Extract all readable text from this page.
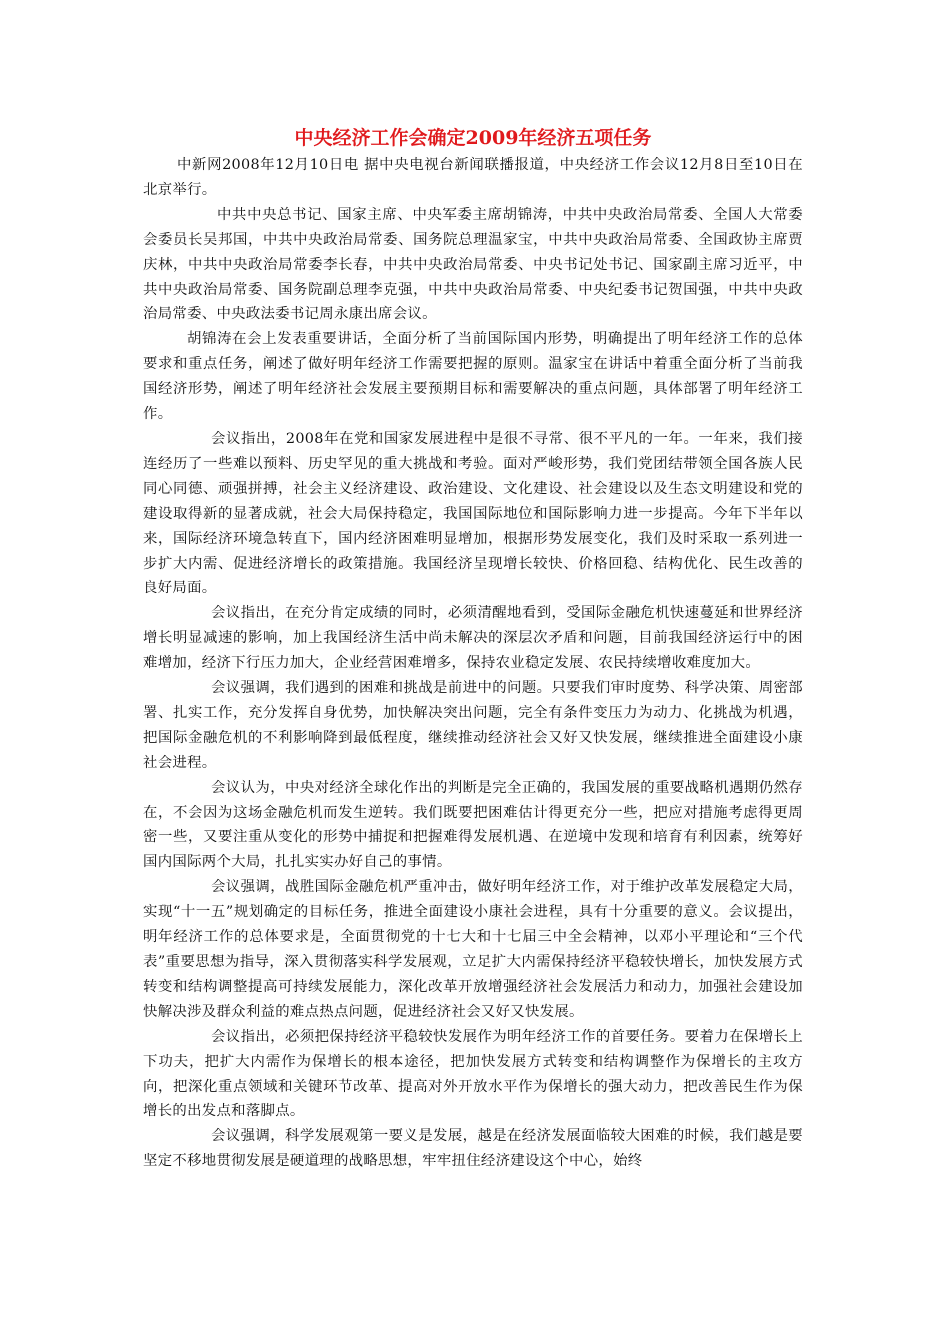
中央经济工作会确定2009年经济五项任务

中新网2008年12月10日电 据中央电视台新闻联播报道，中央经济工作会议12月8日至10日在北京举行。

中共中央总书记、国家主席、中央军委主席胡锦涛，中共中央政治局常委、全国人大常委会委员长吴邦国，中共中央政治局常委、国务院总理温家宝，中共中央政治局常委、全国政协主席贾庆林，中共中央政治局常委李长春，中共中央政治局常委、中央书记处书记、国家副主席习近平，中共中央政治局常委、国务院副总理李克强，中共中央政治局常委、中央纪委书记贺国强，中共中央政治局常委、中央政法委书记周永康出席会议。

胡锦涛在会上发表重要讲话，全面分析了当前国际国内形势，明确提出了明年经济工作的总体要求和重点任务，阐述了做好明年经济工作需要把握的原则。温家宝在讲话中着重全面分析了当前我国经济形势，阐述了明年经济社会发展主要预期目标和需要解决的重点问题，具体部署了明年经济工作。

会议指出，2008年在党和国家发展进程中是很不寻常、很不平凡的一年。一年来，我们接连经历了一些难以预料、历史罕见的重大挑战和考验。面对严峻形势，我们党团结带领全国各族人民同心同德、顽强拼搏，社会主义经济建设、政治建设、文化建设、社会建设以及生态文明建设和党的建设取得新的显著成就，社会大局保持稳定，我国国际地位和国际影响力进一步提高。今年下半年以来，国际经济环境急转直下，国内经济困难明显增加，根据形势发展变化，我们及时采取一系列进一步扩大内需、促进经济增长的政策措施。我国经济呈现增长较快、价格回稳、结构优化、民生改善的良好局面。

会议指出，在充分肯定成绩的同时，必须清醒地看到，受国际金融危机快速蔓延和世界经济增长明显减速的影响，加上我国经济生活中尚未解决的深层次矛盾和问题，目前我国经济运行中的困难增加，经济下行压力加大，企业经营困难增多，保持农业稳定发展、农民持续增收难度加大。

会议强调，我们遇到的困难和挑战是前进中的问题。只要我们审时度势、科学决策、周密部署、扎实工作，充分发挥自身优势，加快解决突出问题，完全有条件变压力为动力、化挑战为机遇，把国际金融危机的不利影响降到最低程度，继续推动经济社会又好又快发展，继续推进全面建设小康社会进程。

会议认为，中央对经济全球化作出的判断是完全正确的，我国发展的重要战略机遇期仍然存在，不会因为这场金融危机而发生逆转。我们既要把困难估计得更充分一些，把应对措施考虑得更周密一些，又要注重从变化的形势中捕捉和把握难得发展机遇、在逆境中发现和培育有利因素，统筹好国内国际两个大局，扎扎实实办好自己的事情。

会议强调，战胜国际金融危机严重冲击，做好明年经济工作，对于维护改革发展稳定大局，实现“十一五”规划确定的目标任务，推进全面建设小康社会进程，具有十分重要的意义。会议提出，明年经济工作的总体要求是，全面贯彻党的十七大和十七届三中全会精神，以邓小平理论和“三个代表”重要思想为指导，深入贯彻落实科学发展观，立足扩大内需保持经济平稳较快增长，加快发展方式转变和结构调整提高可持续发展能力，深化改革开放增强经济社会发展活力和动力，加强社会建设加快解决涉及群众利益的难点热点问题，促进经济社会又好又快发展。

会议指出，必须把保持经济平稳较快发展作为明年经济工作的首要任务。要着力在保增长上下功夫，把扩大内需作为保增长的根本途径，把加快发展方式转变和结构调整作为保增长的主攻方向，把深化重点领域和关键环节改革、提高对外开放水平作为保增长的强大动力，把改善民生作为保增长的出发点和落脚点。

会议强调，科学发展观第一要义是发展，越是在经济发展面临较大困难的时候，我们越是要坚定不移地贯彻发展是硬道理的战略思想，牢牢扭住经济建设这个中心，始终
